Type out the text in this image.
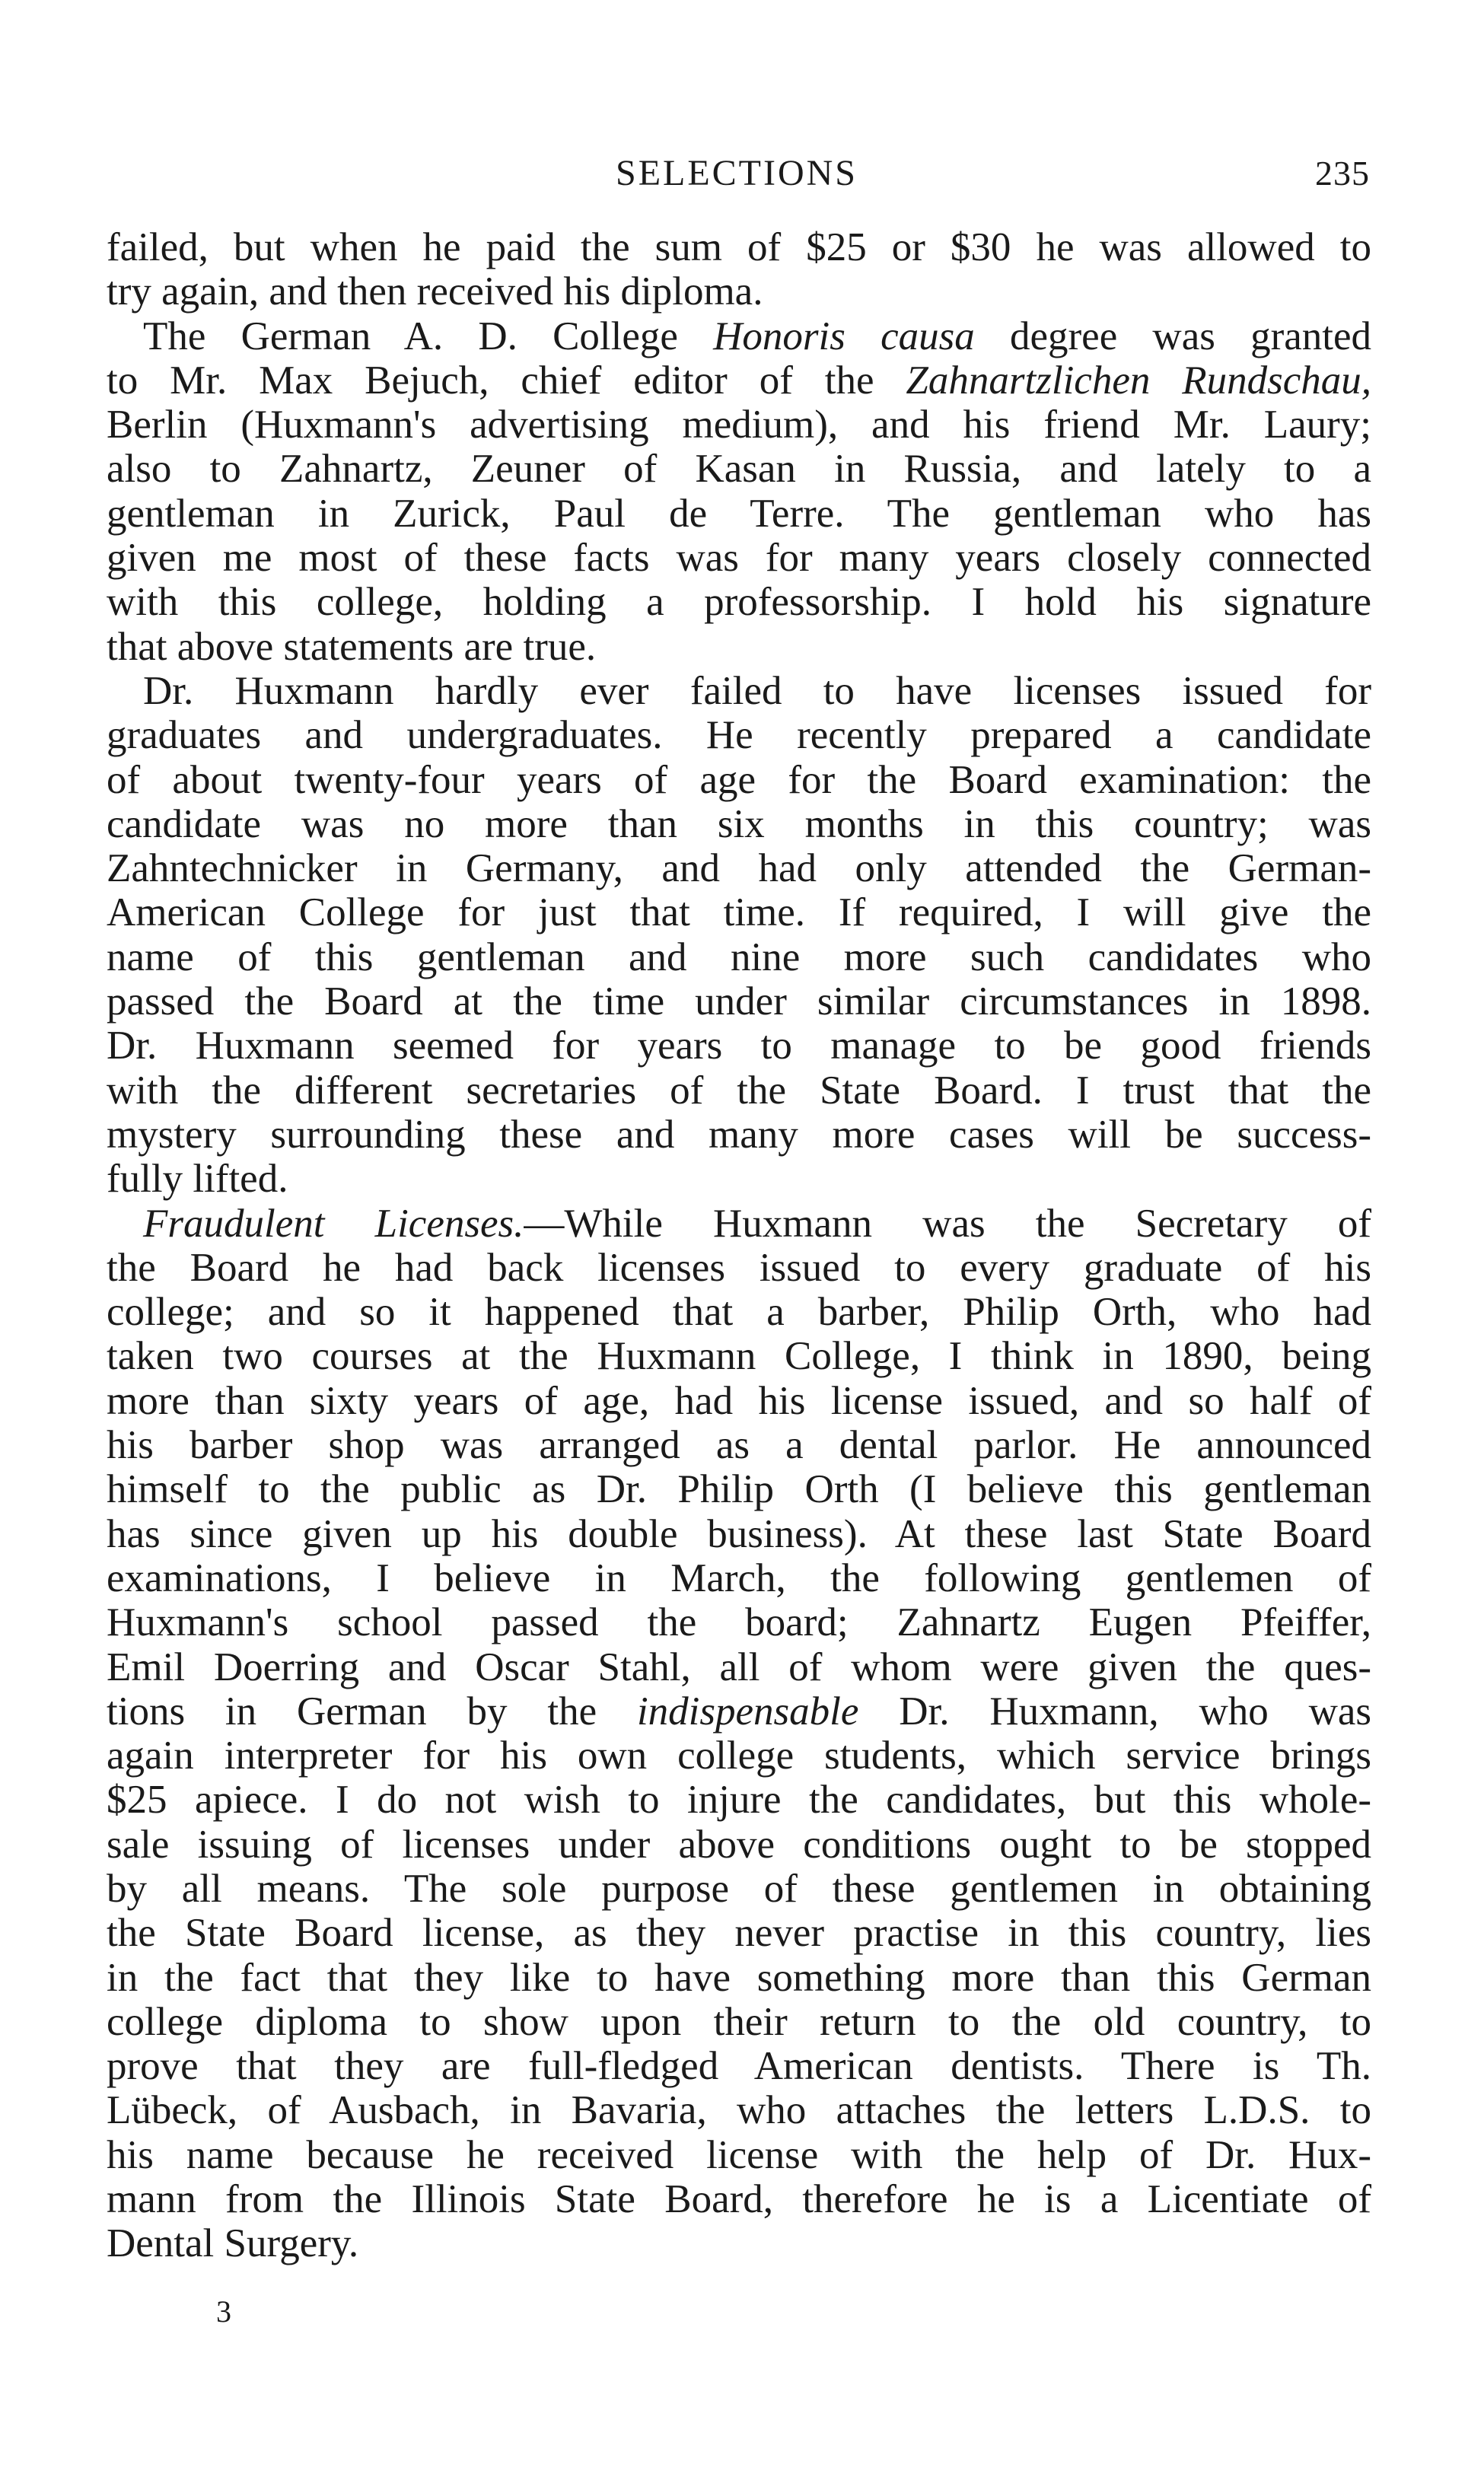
SELECTIONS	235
failed, but when he paid the sum of $25 or $30 he was allowed to
try again, and then received his diploma.
The German A. D. College Honoris causa degree was granted
to Mr. Max Bejuch, chief editor of the Zahnartzlichen Rundschau,
Berlin (Huxmann's advertising medium), and his friend Mr. Laury;
also to Zahnartz, Zeuner of Kasan in Russia, and lately to a
gentleman in Zurick, Paul de Terre. The gentleman who has
given me most of these facts was for many years closely connected
with this college, holding a professorship. I hold his signature
that above statements are true.
Dr. Huxmann hardly ever failed to have licenses issued for
graduates and undergraduates. He recently prepared a candidate
of about twenty-four years of age for the Board examination: the
candidate was no more than six months in this country; was
Zahntechnicker in Germany, and had only attended the German-
American College for just that time. If required, I will give the
name of this gentleman and nine more such candidates who
passed the Board at the time under similar circumstances in 1898.
Dr. Huxmann seemed for years to manage to be good friends
with the different secretaries of the State Board. I trust that the
mystery surrounding these and many more cases will be success-
fully lifted.
Fraudulent Licenses.—While Huxmann was the Secretary of
the Board he had back licenses issued to every graduate of his
college; and so it happened that a barber, Philip Orth, who had
taken two courses at the Huxmann College, I think in 1890, being
more than sixty years of age, had his license issued, and so half of
his barber shop was arranged as a dental parlor. He announced
himself to the public as Dr. Philip Orth (I believe this gentleman
has since given up his double business). At these last State Board
examinations, I believe in March, the following gentlemen of
Huxmann's school passed the board; Zahnartz Eugen Pfeiffer,
Emil Doerring and Oscar Stahl, all of whom were given the ques-
tions in German by the indispensable Dr. Huxmann, who was
again interpreter for his own college students, which service brings
$25 apiece. I do not wish to injure the candidates, but this whole-
sale issuing of licenses under above conditions ought to be stopped
by all means. The sole purpose of these gentlemen in obtaining
the State Board license, as they never practise in this country, lies
in the fact that they like to have something more than this German
college diploma to show upon their return to the old country, to
prove that they are full-fledged American dentists. There is Th.
Lübeck, of Ausbach, in Bavaria, who attaches the letters L.D.S. to
his name because he received license with the help of Dr. Hux-
mann from the Illinois State Board, therefore he is a Licentiate of
Dental Surgery.
3
